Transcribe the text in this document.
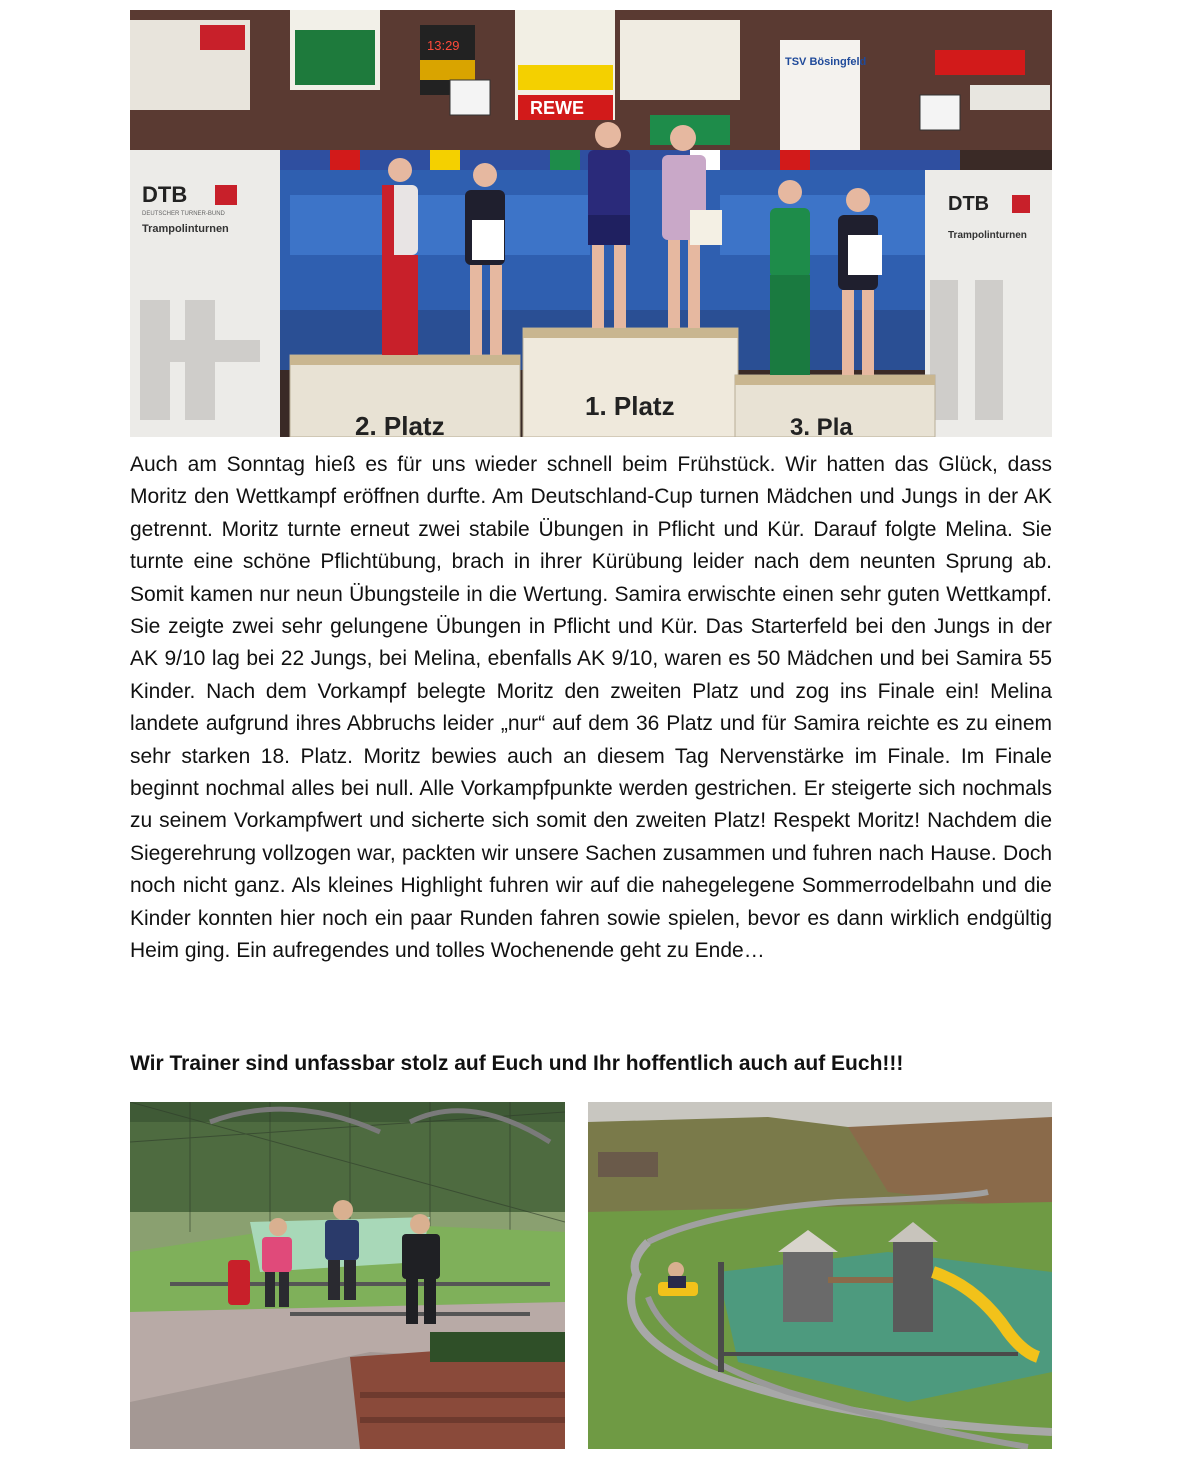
13:29
REWE
TSV Bösingfeld
DTB
DEUTSCHER TURNER-BUND
Trampolinturnen
DTB
Trampolinturnen
2. Platz
1. Platz
3. Pla

Auch am Sonntag hieß es für uns wieder schnell beim Frühstück. Wir hatten das Glück, dass Moritz den Wettkampf eröffnen durfte. Am Deutschland-Cup turnen Mädchen und Jungs in der AK getrennt. Moritz turnte erneut zwei stabile Übungen in Pflicht und Kür. Darauf folgte Melina. Sie turnte eine schöne Pflichtübung, brach in ihrer Kürübung leider nach dem neunten Sprung ab. Somit kamen nur neun Übungsteile in die Wertung. Samira erwischte einen sehr guten Wettkampf. Sie zeigte zwei sehr gelungene Übungen in Pflicht und Kür. Das Starterfeld bei den Jungs in der AK 9/10 lag bei 22 Jungs, bei Melina, ebenfalls AK 9/10, waren es 50 Mädchen und bei Samira 55 Kinder. Nach dem Vorkampf belegte Moritz den zweiten Platz und zog ins Finale ein! Melina landete aufgrund ihres Abbruchs leider „nur“ auf dem 36 Platz und für Samira reichte es zu einem sehr starken 18. Platz. Moritz bewies auch an diesem Tag Nervenstärke im Finale. Im Finale beginnt nochmal alles bei null. Alle Vorkampfpunkte werden gestrichen. Er steigerte sich nochmals zu seinem Vorkampfwert und sicherte sich somit den zweiten Platz! Respekt Moritz! Nachdem die Siegerehrung vollzogen war, packten wir unsere Sachen zusammen und fuhren nach Hause. Doch noch nicht ganz. Als kleines Highlight fuhren wir auf die nahegelegene Sommerrodelbahn und die Kinder konnten hier noch ein paar Runden fahren sowie spielen, bevor es dann wirklich endgültig Heim ging. Ein aufregendes und tolles Wochenende geht zu Ende…

Wir Trainer sind unfassbar stolz auf Euch und Ihr hoffentlich auch auf Euch!!!
